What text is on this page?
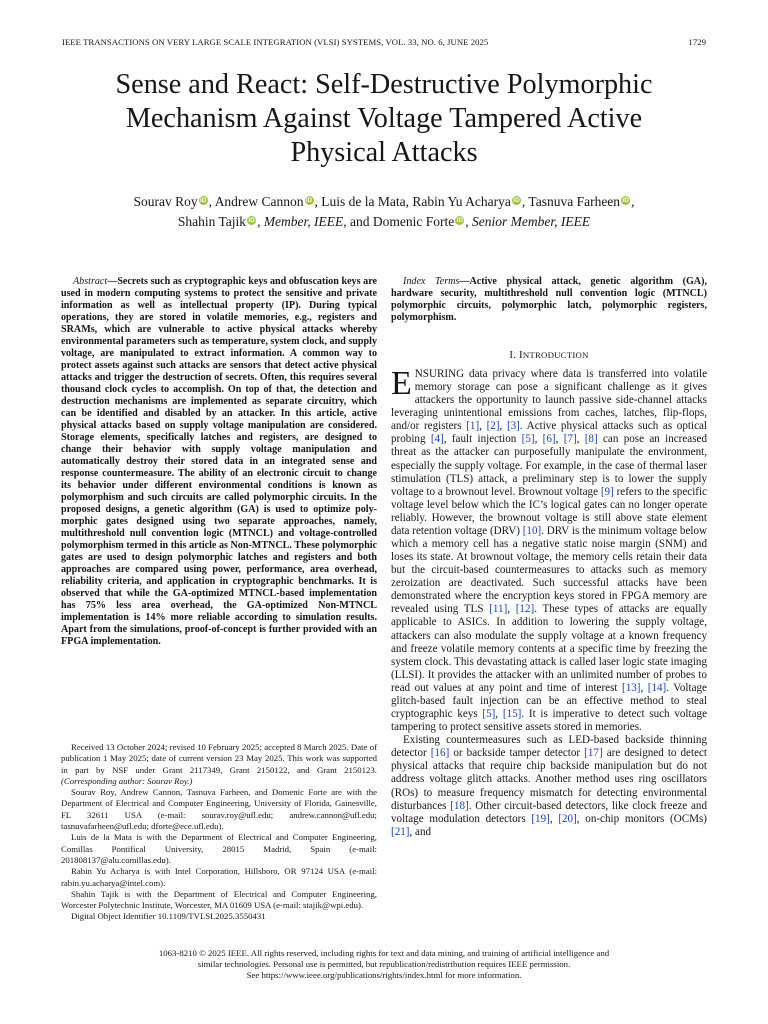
IEEE TRANSACTIONS ON VERY LARGE SCALE INTEGRATION (VLSI) SYSTEMS, VOL. 33, NO. 6, JUNE 2025	1729
Sense and React: Self-Destructive Polymorphic
Mechanism Against Voltage Tampered Active
Physical Attacks
Sourav Roy iD , Andrew Cannon iD , Luis de la Mata, Rabin Yu Acharya iD , Tasnuva Farheen iD ,
Shahin Tajik iD , Member, IEEE, and Domenic Forte iD , Senior Member, IEEE

Abstract—Secrets such as cryptographic keys and obfuscation keys are used in modern computing systems to protect the sensitive and private information as well as intellectual property (IP). During typical operations, they are stored in volatile memories, e.g., registers and SRAMs, which are vulnerable to active physical attacks whereby environmental parameters such as temperature, system clock, and supply voltage, are manipulated to extract information. A common way to protect assets against such attacks are sensors that detect active physical attacks and trigger the destruction of secrets. Often, this requires several thousand clock cycles to accomplish. On top of that, the detection and destruction mechanisms are implemented as separate circuitry, which can be identified and disabled by an attacker. In this article, active physical attacks based on supply voltage manipulation are considered. Storage elements, specifically latches and registers, are designed to change their behavior with supply voltage manipulation and automatically destroy their stored data in an integrated sense and response countermeasure. The ability of an electronic circuit to change its behavior under different environmental conditions is known as polymorphism and such circuits are called polymorphic circuits. In the proposed designs, a genetic algorithm (GA) is used to optimize polymorphic gates designed using two separate approaches, namely, multithreshold null convention logic (MTNCL) and voltage-controlled polymorphism termed in this article as Non-MTNCL. These polymorphic gates are used to design polymorphic latches and registers and both approaches are compared using power, performance, area overhead, reliability criteria, and application in cryptographic benchmarks. It is observed that while the GA-optimized MTNCL-based implementation has 75% less area overhead, the GA-optimized Non-MTNCL implementation is 14% more reliable according to simulation results. Apart from the simulations, proof-of-concept is further provided with an FPGA implementation.

Received 13 October 2024; revised 10 February 2025; accepted 8 March 2025. Date of publication 1 May 2025; date of current version 23 May 2025. This work was supported in part by NSF under Grant 2117349, Grant 2150122, and Grant 2150123. (Corresponding author: Sourav Roy.)

Sourav Roy, Andrew Cannon, Tasnuva Farheen, and Domenic Forte are with the Department of Electrical and Computer Engineering, University of Florida, Gainesville, FL 32611 USA (e-mail: sourav.roy@ufl.edu; andrew.cannon@ufl.edu; tasnuvafarheen@ufl.edu; dforte@ece.ufl.edu).

Luis de la Mata is with the Department of Electrical and Computer Engineering, Comillas Pontifical University, 28015 Madrid, Spain (e-mail: 201808137@alu.comillas.edu).

Rabin Yu Acharya is with Intel Corporation, Hillsboro, OR 97124 USA (e-mail: rabin.yu.acharya@intel.com).

Shahin Tajik is with the Department of Electrical and Computer Engineering, Worcester Polytechnic Institute, Worcester, MA 01609 USA (e-mail: stajik@wpi.edu).

Digital Object Identifier 10.1109/TVLSI.2025.3550431

Index Terms—Active physical attack, genetic algorithm (GA), hardware security, multithreshold null convention logic (MTNCL) polymorphic circuits, polymorphic latch, polymorphic registers, polymorphism.

I. INTRODUCTION

ENSURING data privacy where data is transferred into volatile memory storage can pose a significant challenge as it gives attackers the opportunity to launch passive side-channel attacks leveraging unintentional emissions from caches, latches, flip-flops, and/or registers [1], [2], [3]. Active physical attacks such as optical probing [4], fault injection [5], [6], [7], [8] can pose an increased threat as the attacker can purposefully manipulate the environment, especially the supply voltage. For example, in the case of thermal laser stimulation (TLS) attack, a preliminary step is to lower the supply voltage to a brownout level. Brownout voltage [9] refers to the specific voltage level below which the IC’s logical gates can no longer operate reliably. However, the brownout voltage is still above state element data retention voltage (DRV) [10]. DRV is the minimum voltage below which a memory cell has a negative static noise margin (SNM) and loses its state. At brownout voltage, the memory cells retain their data but the circuit-based countermeasures to attacks such as memory zeroization are deactivated. Such successful attacks have been demonstrated where the encryption keys stored in FPGA memory are revealed using TLS [11], [12]. These types of attacks are equally applicable to ASICs. In addition to lowering the supply voltage, attackers can also modulate the supply voltage at a known frequency and freeze volatile memory contents at a specific time by freezing the system clock. This devastating attack is called laser logic state imaging (LLSI). It provides the attacker with an unlimited number of probes to read out values at any point and time of interest [13], [14]. Voltage glitch-based fault injection can be an effective method to steal cryptographic keys [5], [15]. It is imperative to detect such voltage tampering to protect sensitive assets stored in memories.

Existing countermeasures such as LED-based backside thinning detector [16] or backside tamper detector [17] are designed to detect physical attacks that require chip backside manipulation but do not address voltage glitch attacks. Another method uses ring oscillators (ROs) to measure frequency mismatch for detecting environmental disturbances [18]. Other circuit-based detectors, like clock freeze and voltage modulation detectors [19], [20], on-chip monitors (OCMs) [21], and

1063-8210 © 2025 IEEE. All rights reserved, including rights for text and data mining, and training of artificial intelligence and
similar technologies. Personal use is permitted, but republication/redistribution requires IEEE permission.
See https://www.ieee.org/publications/rights/index.html for more information.
